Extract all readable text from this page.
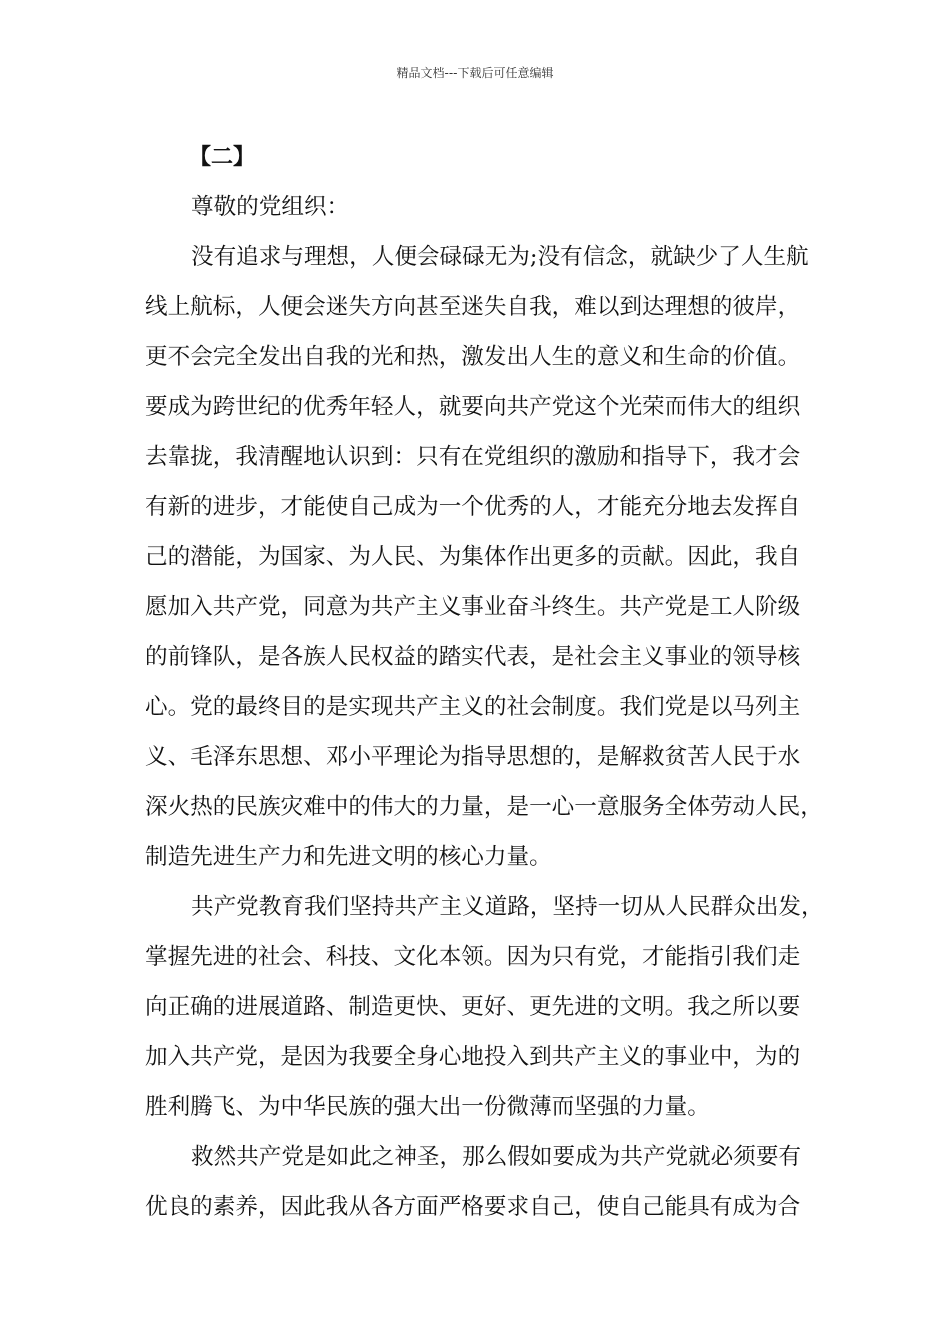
精品文档---下载后可任意编辑
【二】
尊敬的党组织：
没有追求与理想，人便会碌碌无为;没有信念，就缺少了人生航
线上航标，人便会迷失方向甚至迷失自我，难以到达理想的彼岸，
更不会完全发出自我的光和热，激发出人生的意义和生命的价值。
要成为跨世纪的优秀年轻人，就要向共产党这个光荣而伟大的组织
去靠拢，我清醒地认识到：只有在党组织的激励和指导下，我才会
有新的进步，才能使自己成为一个优秀的人，才能充分地去发挥自
己的潜能，为国家、为人民、为集体作出更多的贡献。因此，我自
愿加入共产党，同意为共产主义事业奋斗终生。共产党是工人阶级
的前锋队，是各族人民权益的踏实代表，是社会主义事业的领导核
心。党的最终目的是实现共产主义的社会制度。我们党是以马列主
义、毛泽东思想、邓小平理论为指导思想的，是解救贫苦人民于水
深火热的民族灾难中的伟大的力量，是一心一意服务全体劳动人民，
制造先进生产力和先进文明的核心力量。
共产党教育我们坚持共产主义道路，坚持一切从人民群众出发，
掌握先进的社会、科技、文化本领。因为只有党，才能指引我们走
向正确的进展道路、制造更快、更好、更先进的文明。我之所以要
加入共产党，是因为我要全身心地投入到共产主义的事业中，为的
胜利腾飞、为中华民族的强大出一份微薄而坚强的力量。
救然共产党是如此之神圣，那么假如要成为共产党就必须要有
优良的素养，因此我从各方面严格要求自己，使自己能具有成为合
